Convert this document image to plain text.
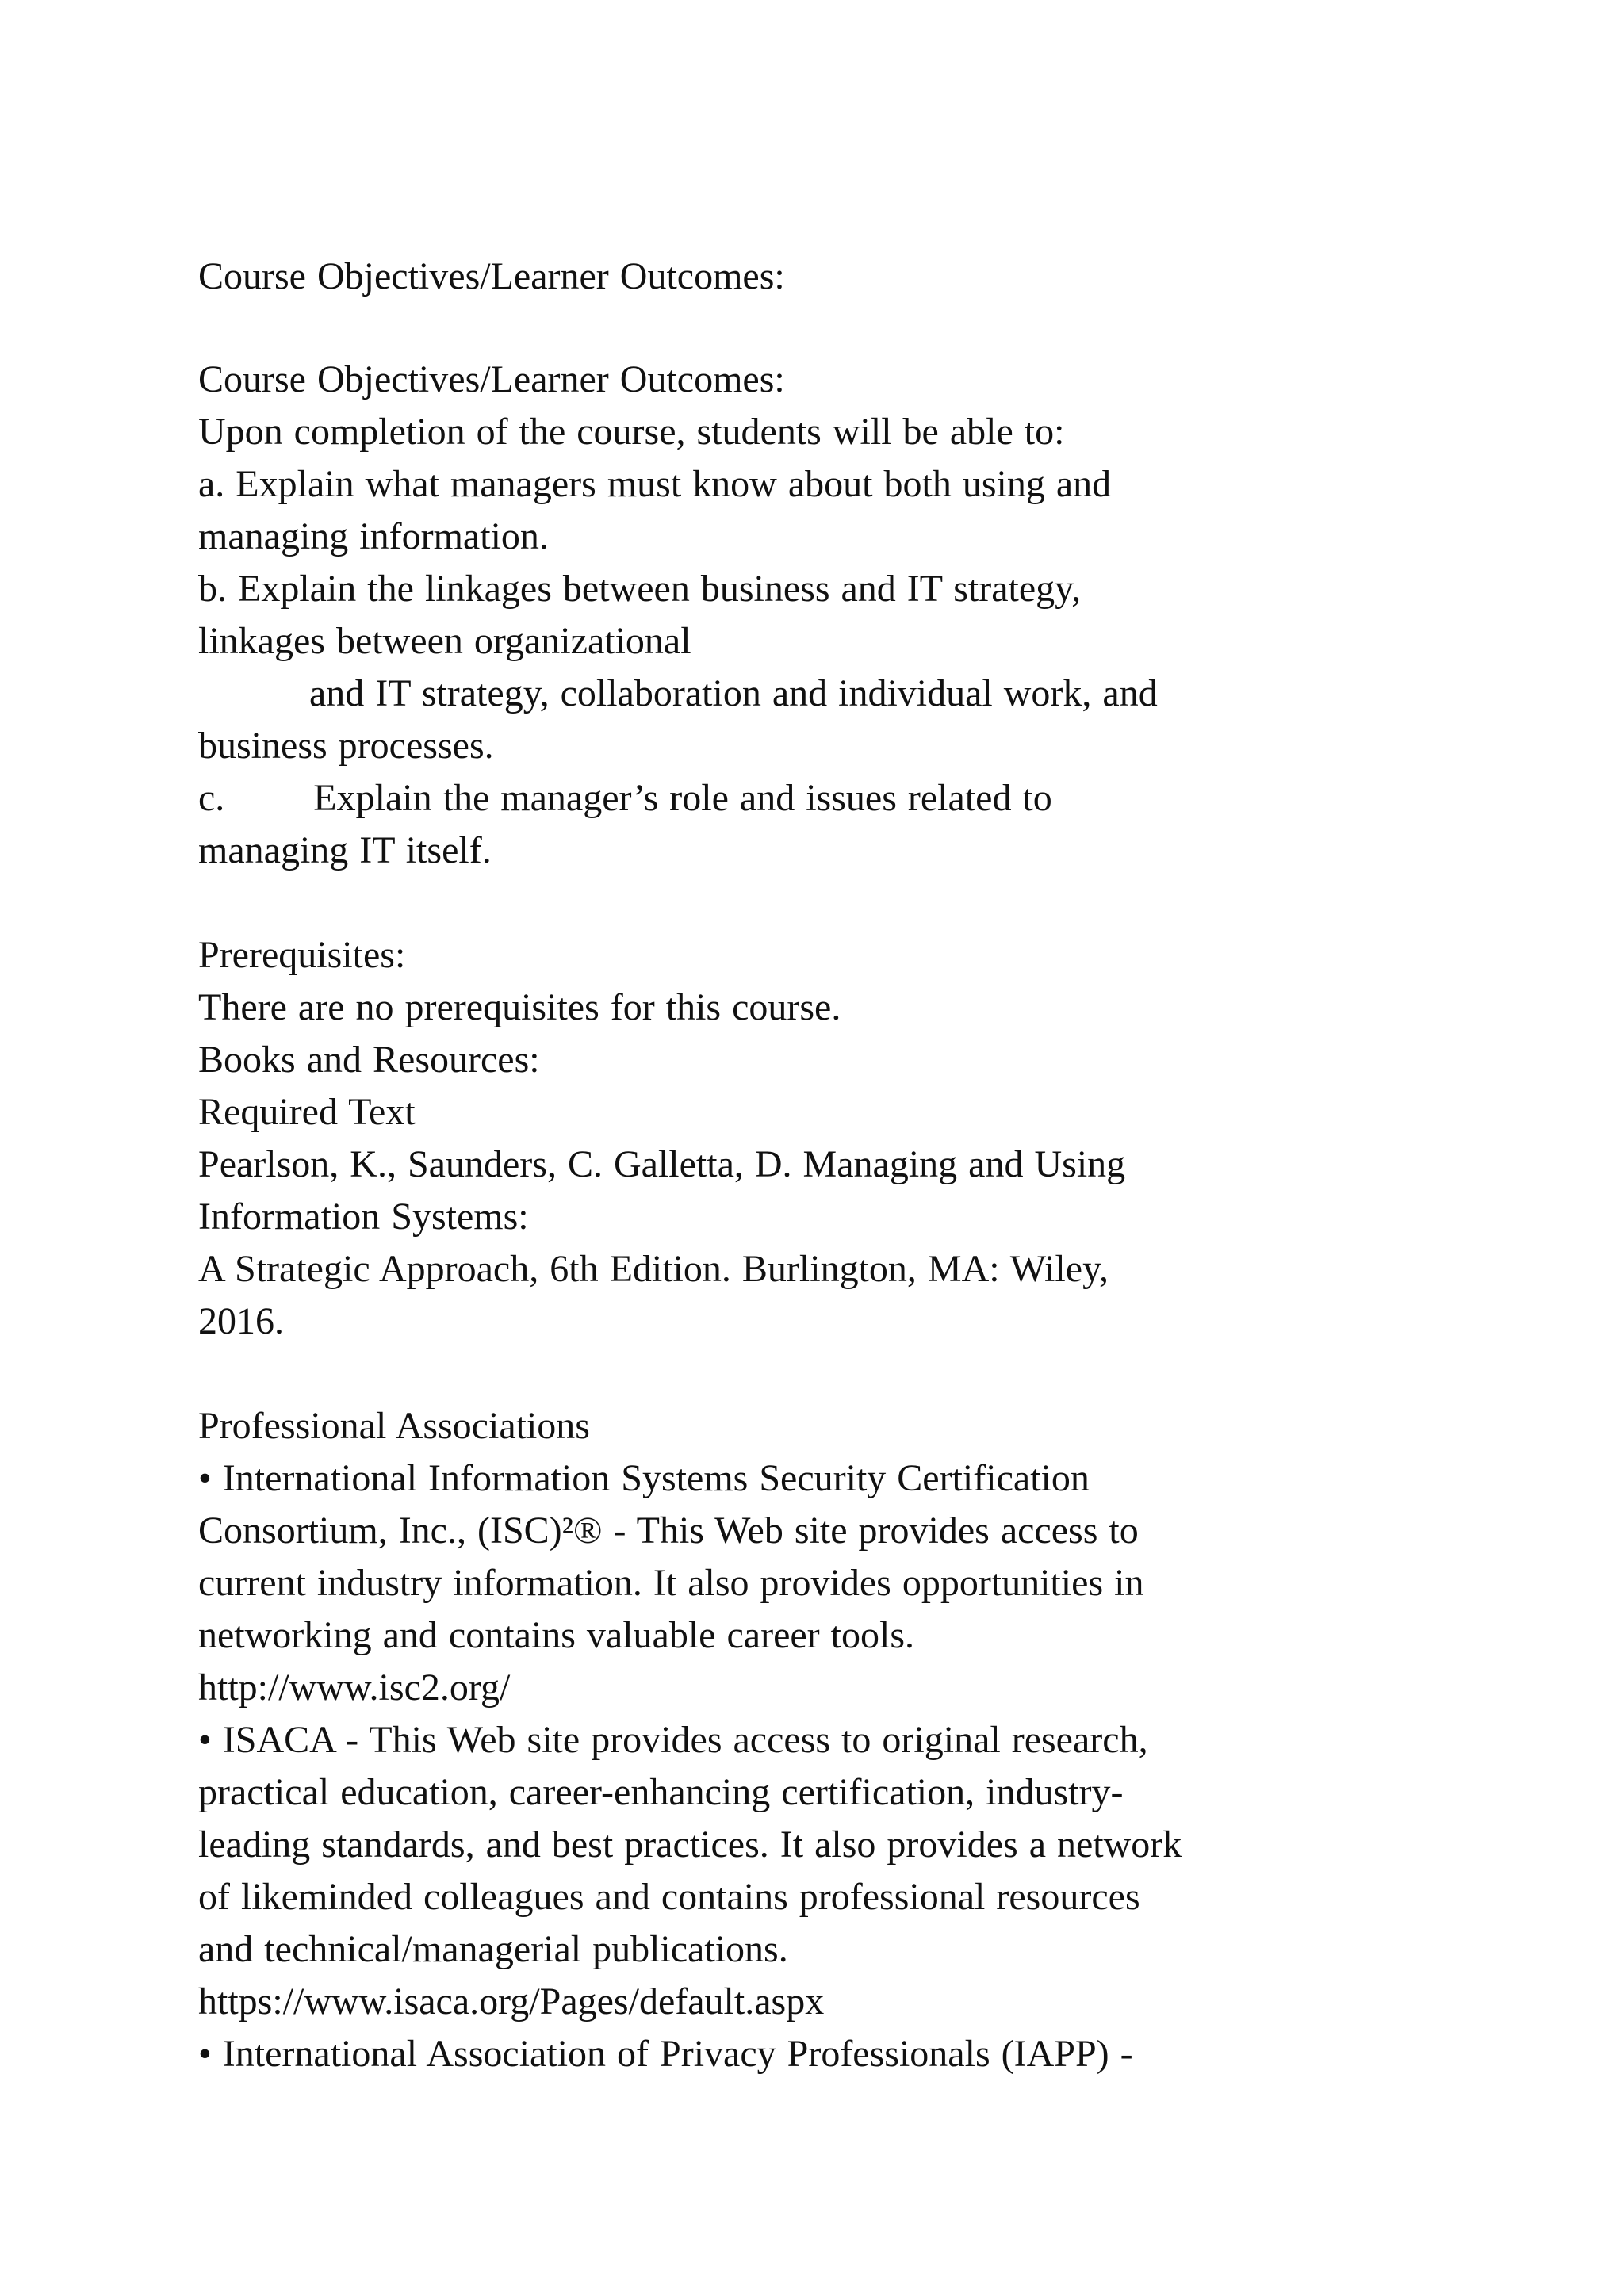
Course Objectives/Learner Outcomes:
Course Objectives/Learner Outcomes:
Upon completion of the course, students will be able to:
a. Explain what managers must know about both using and
managing information.
b. Explain the linkages between business and IT strategy,
linkages between organizational
and IT strategy, collaboration and individual work, and
business processes.
c.        Explain the manager’s role and issues related to
managing IT itself.
Prerequisites:
There are no prerequisites for this course.
Books and Resources:
Required Text
Pearlson, K., Saunders, C. Galletta, D. Managing and Using
Information Systems:
A Strategic Approach, 6th Edition. Burlington, MA: Wiley,
2016.
Professional Associations
• International Information Systems Security Certification
Consortium, Inc., (ISC)²® - This Web site provides access to
current industry information. It also provides opportunities in
networking and contains valuable career tools.
http://www.isc2.org/
• ISACA - This Web site provides access to original research,
practical education, career-enhancing certification, industry-
leading standards, and best practices. It also provides a network
of likeminded colleagues and contains professional resources
and technical/managerial publications.
https://www.isaca.org/Pages/default.aspx
• International Association of Privacy Professionals (IAPP) -
